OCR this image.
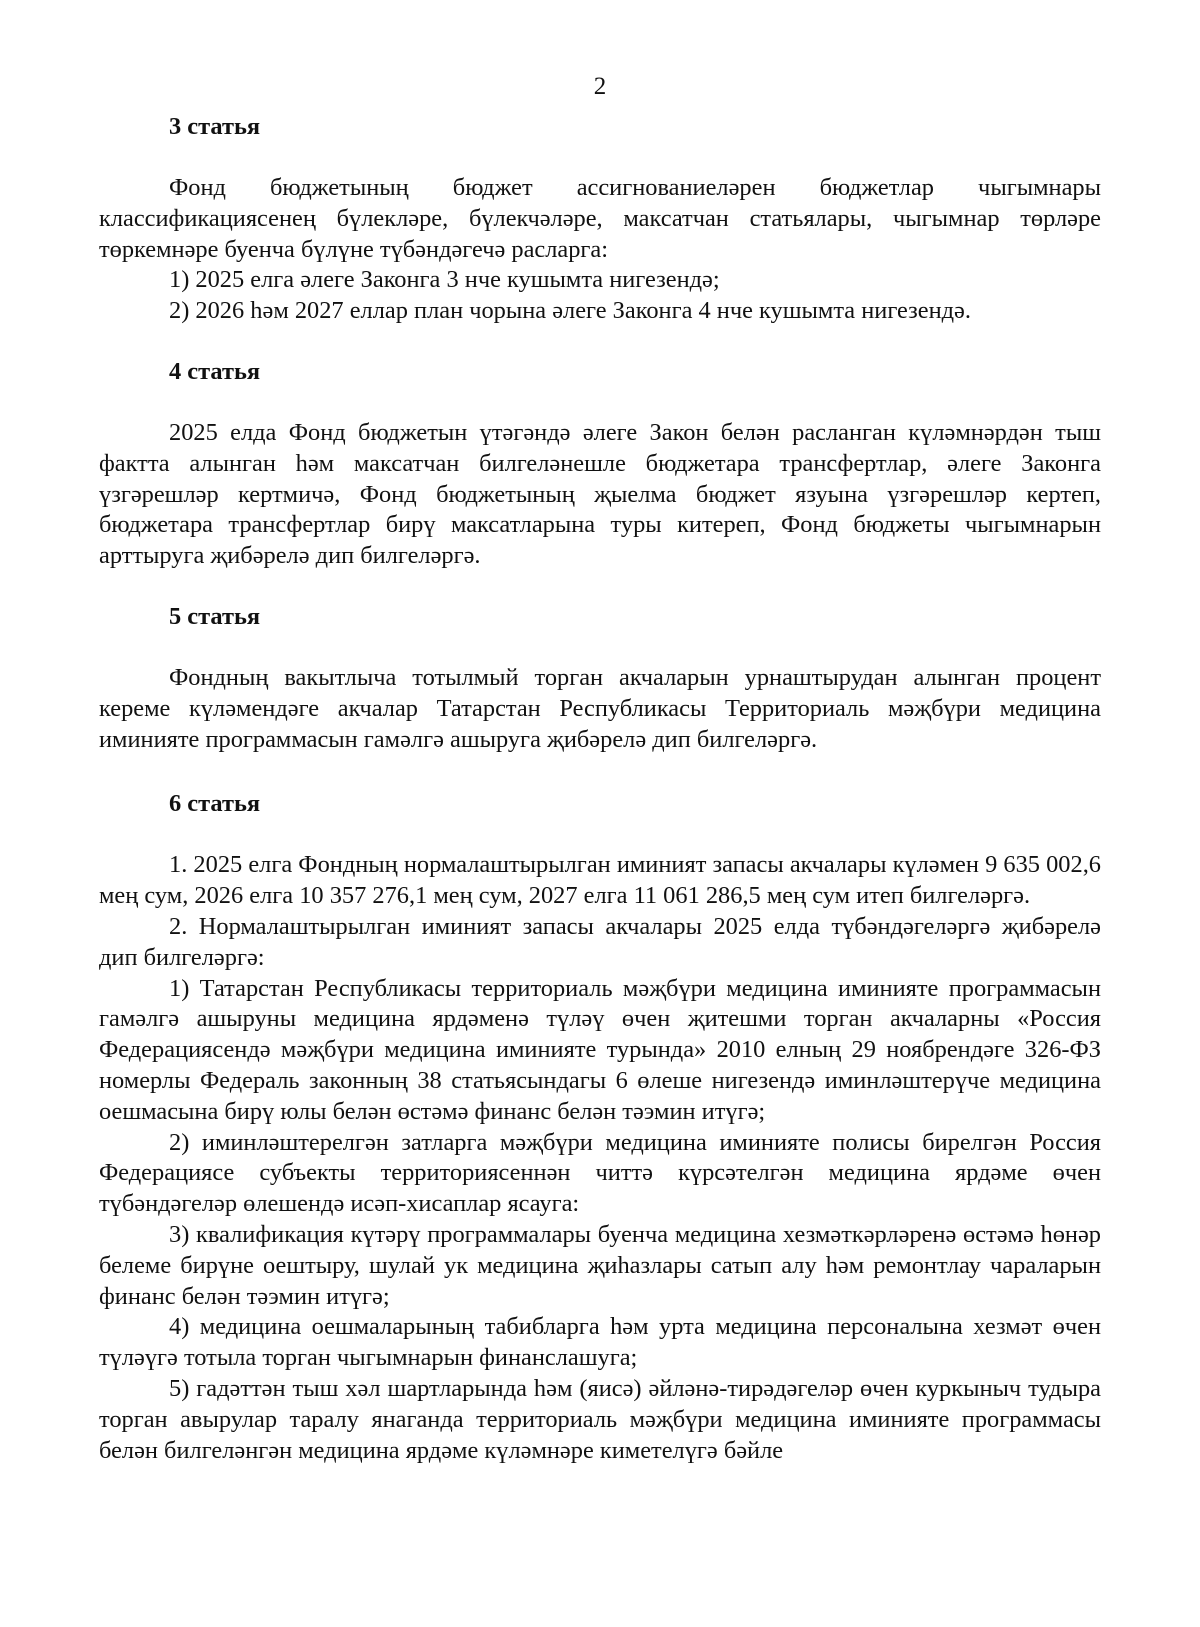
2
3 статья

Фонд бюджетының бюджет ассигнованиеләрен бюджетлар чыгымнары классификациясенең бүлекләре, бүлекчәләре, максатчан статьялары, чыгымнар төрләре төркемнәре буенча бүлүне түбәндәгечә расларга:

1) 2025 елга әлеге Законга 3 нче кушымта нигезендә;

2) 2026 һәм 2027 еллар план чорына әлеге Законга 4 нче кушымта нигезендә.

4 статья

2025 елда Фонд бюджетын үтәгәндә әлеге Закон белән расланган күләмнәрдән тыш фактта алынган һәм максатчан билгеләнешле бюджетара трансфертлар, әлеге Законга үзгәрешләр кертмичә, Фонд бюджетының җыелма бюджет язуына үзгәрешләр кертеп, бюджетара трансфертлар бирү максатларына туры китереп, Фонд бюджеты чыгымнарын арттыруга җибәрелә дип билгеләргә.

5 статья

Фондның вакытлыча тотылмый торган акчаларын урнаштырудан алынган процент кереме күләмендәге акчалар Татарстан Республикасы Территориаль мәҗбүри медицина иминияте программасын гамәлгә ашыруга җибәрелә дип билгеләргә.

6 статья

1. 2025 елга Фондның нормалаштырылган иминият запасы акчалары күләмен 9 635 002,6 мең сум, 2026 елга 10 357 276,1 мең сум, 2027 елга 11 061 286,5 мең сум итеп билгеләргә.

2. Нормалаштырылган иминият запасы акчалары 2025 елда түбәндәгеләргә җибәрелә дип билгеләргә:

1) Татарстан Республикасы территориаль мәҗбүри медицина иминияте программасын гамәлгә ашыруны медицина ярдәменә түләү өчен җитешми торган акчаларны «Россия Федерациясендә мәҗбүри медицина иминияте турында» 2010 елның 29 ноябрендәге 326-ФЗ номерлы Федераль законның 38 статьясындагы 6 өлеше нигезендә иминләштерүче медицина оешмасына бирү юлы белән өстәмә финанс белән тәэмин итүгә;

2) иминләштерелгән затларга мәҗбүри медицина иминияте полисы бирелгән Россия Федерациясе субъекты территориясеннән читтә күрсәтелгән медицина ярдәме өчен түбәндәгеләр өлешендә исәп-хисаплар ясауга:

3) квалификация күтәрү программалары буенча медицина хезмәткәрләренә өстәмә һөнәр белеме бирүне оештыру, шулай ук медицина җиһазлары сатып алу һәм ремонтлау чараларын финанс белән тәэмин итүгә;

4) медицина оешмаларының табибларга һәм урта медицина персоналына хезмәт өчен түләүгә тотыла торган чыгымнарын финанслашуга;

5) гадәттән тыш хәл шартларында һәм (яисә) әйләнә-тирәдәгеләр өчен куркыныч тудыра торган авырулар таралу янаганда территориаль мәҗбүри медицина иминияте программасы белән билгеләнгән медицина ярдәме күләмнәре киметелүгә бәйле
